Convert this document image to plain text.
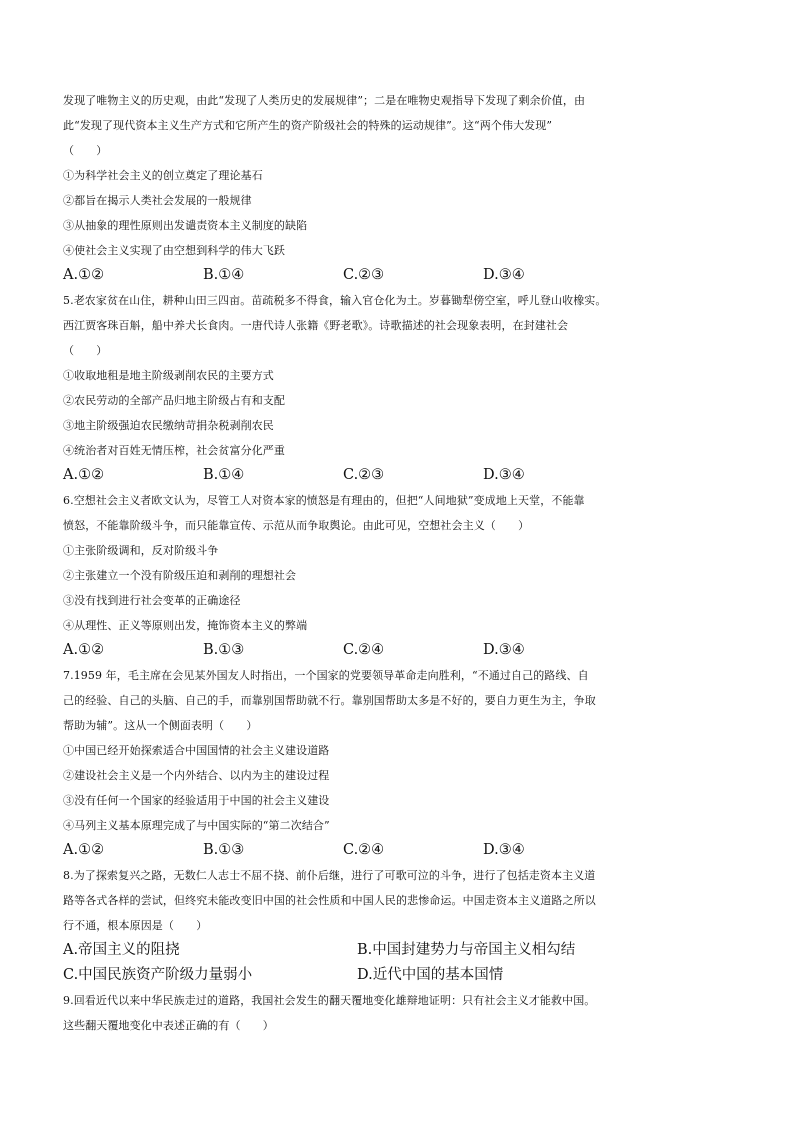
发现了唯物主义的历史观，由此“发现了人类历史的发展规律”；二是在唯物史观指导下发现了剩余价值，由
此“发现了现代资本主义生产方式和它所产生的资产阶级社会的特殊的运动规律”。这“两个伟大发现”
（　　）
①为科学社会主义的创立奠定了理论基石
②都旨在揭示人类社会发展的一般规律
③从抽象的理性原则出发谴责资本主义制度的缺陷
④使社会主义实现了由空想到科学的伟大飞跃
A.①②	B.①④	C.②③	D.③④
5.老农家贫在山住，耕种山田三四亩。苗疏税多不得食，输入官仓化为土。岁暮锄犁傍空室，呼儿登山收橡实。
西江贾客珠百斛，船中养犬长食肉。一唐代诗人张籍《野老歌》。诗歌描述的社会现象表明，在封建社会
（　　）
①收取地租是地主阶级剥削农民的主要方式
②农民劳动的全部产品归地主阶级占有和支配
③地主阶级强迫农民缴纳苛捐杂税剥削农民
④统治者对百姓无情压榨，社会贫富分化严重
A.①②	B.①④	C.②③	D.③④
6.空想社会主义者欧文认为，尽管工人对资本家的愤怒是有理由的，但把“人间地狱”变成地上天堂，不能靠
愤怒，不能靠阶级斗争，而只能靠宣传、示范从而争取舆论。由此可见，空想社会主义（　　）
①主张阶级调和，反对阶级斗争
②主张建立一个没有阶级压迫和剥削的理想社会
③没有找到进行社会变革的正确途径
④从理性、正义等原则出发，掩饰资本主义的弊端
A.①②	B.①③	C.②④	D.③④
7.1959 年，毛主席在会见某外国友人时指出，一个国家的党要领导革命走向胜利，“不通过自己的路线、自
己的经验、自己的头脑、自己的手，而靠别国帮助就不行。靠别国帮助太多是不好的，要自力更生为主，争取
帮助为辅”。这从一个侧面表明（　　）
①中国已经开始探索适合中国国情的社会主义建设道路
②建设社会主义是一个内外结合、以内为主的建设过程
③没有任何一个国家的经验适用于中国的社会主义建设
④马列主义基本原理完成了与中国实际的“第二次结合”
A.①②	B.①③	C.②④	D.③④
8.为了探索复兴之路，无数仁人志士不屈不挠、前仆后继，进行了可歌可泣的斗争，进行了包括走资本主义道
路等各式各样的尝试，但终究未能改变旧中国的社会性质和中国人民的悲惨命运。中国走资本主义道路之所以
行不通，根本原因是（　　）
A.帝国主义的阻挠	B.中国封建势力与帝国主义相勾结
C.中国民族资产阶级力量弱小	D.近代中国的基本国情
9.回看近代以来中华民族走过的道路，我国社会发生的翻天覆地变化雄辩地证明：只有社会主义才能救中国。
这些翻天覆地变化中表述正确的有（　　）
